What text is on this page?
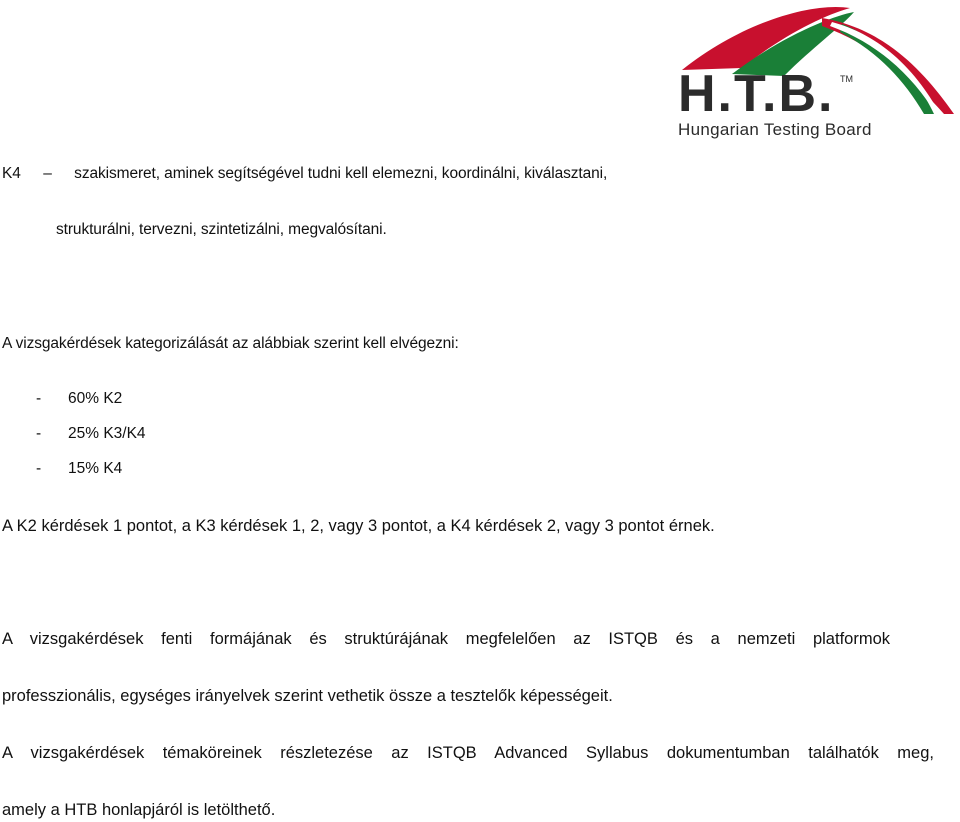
H.T.B. TM
Hungarian Testing Board
K4 – szakismeret, aminek segítségével tudni kell elemezni, koordinálni, kiválasztani,
strukturálni, tervezni, szintetizálni, megvalósítani.
A vizsgakérdések kategorizálását az alábbiak szerint kell elvégezni:
- 60% K2
- 25% K3/K4
- 15% K4
A K2 kérdések 1 pontot, a K3 kérdések 1, 2, vagy 3 pontot, a K4 kérdések 2, vagy 3 pontot érnek.
A vizsgakérdések fenti formájának és struktúrájának megfelelően az ISTQB és a nemzeti platformok
professzionális, egységes irányelvek szerint vethetik össze a tesztelők képességeit.
A vizsgakérdések témaköreinek részletezése az ISTQB Advanced Syllabus dokumentumban találhatók meg,
amely a HTB honlapjáról is letölthető.
